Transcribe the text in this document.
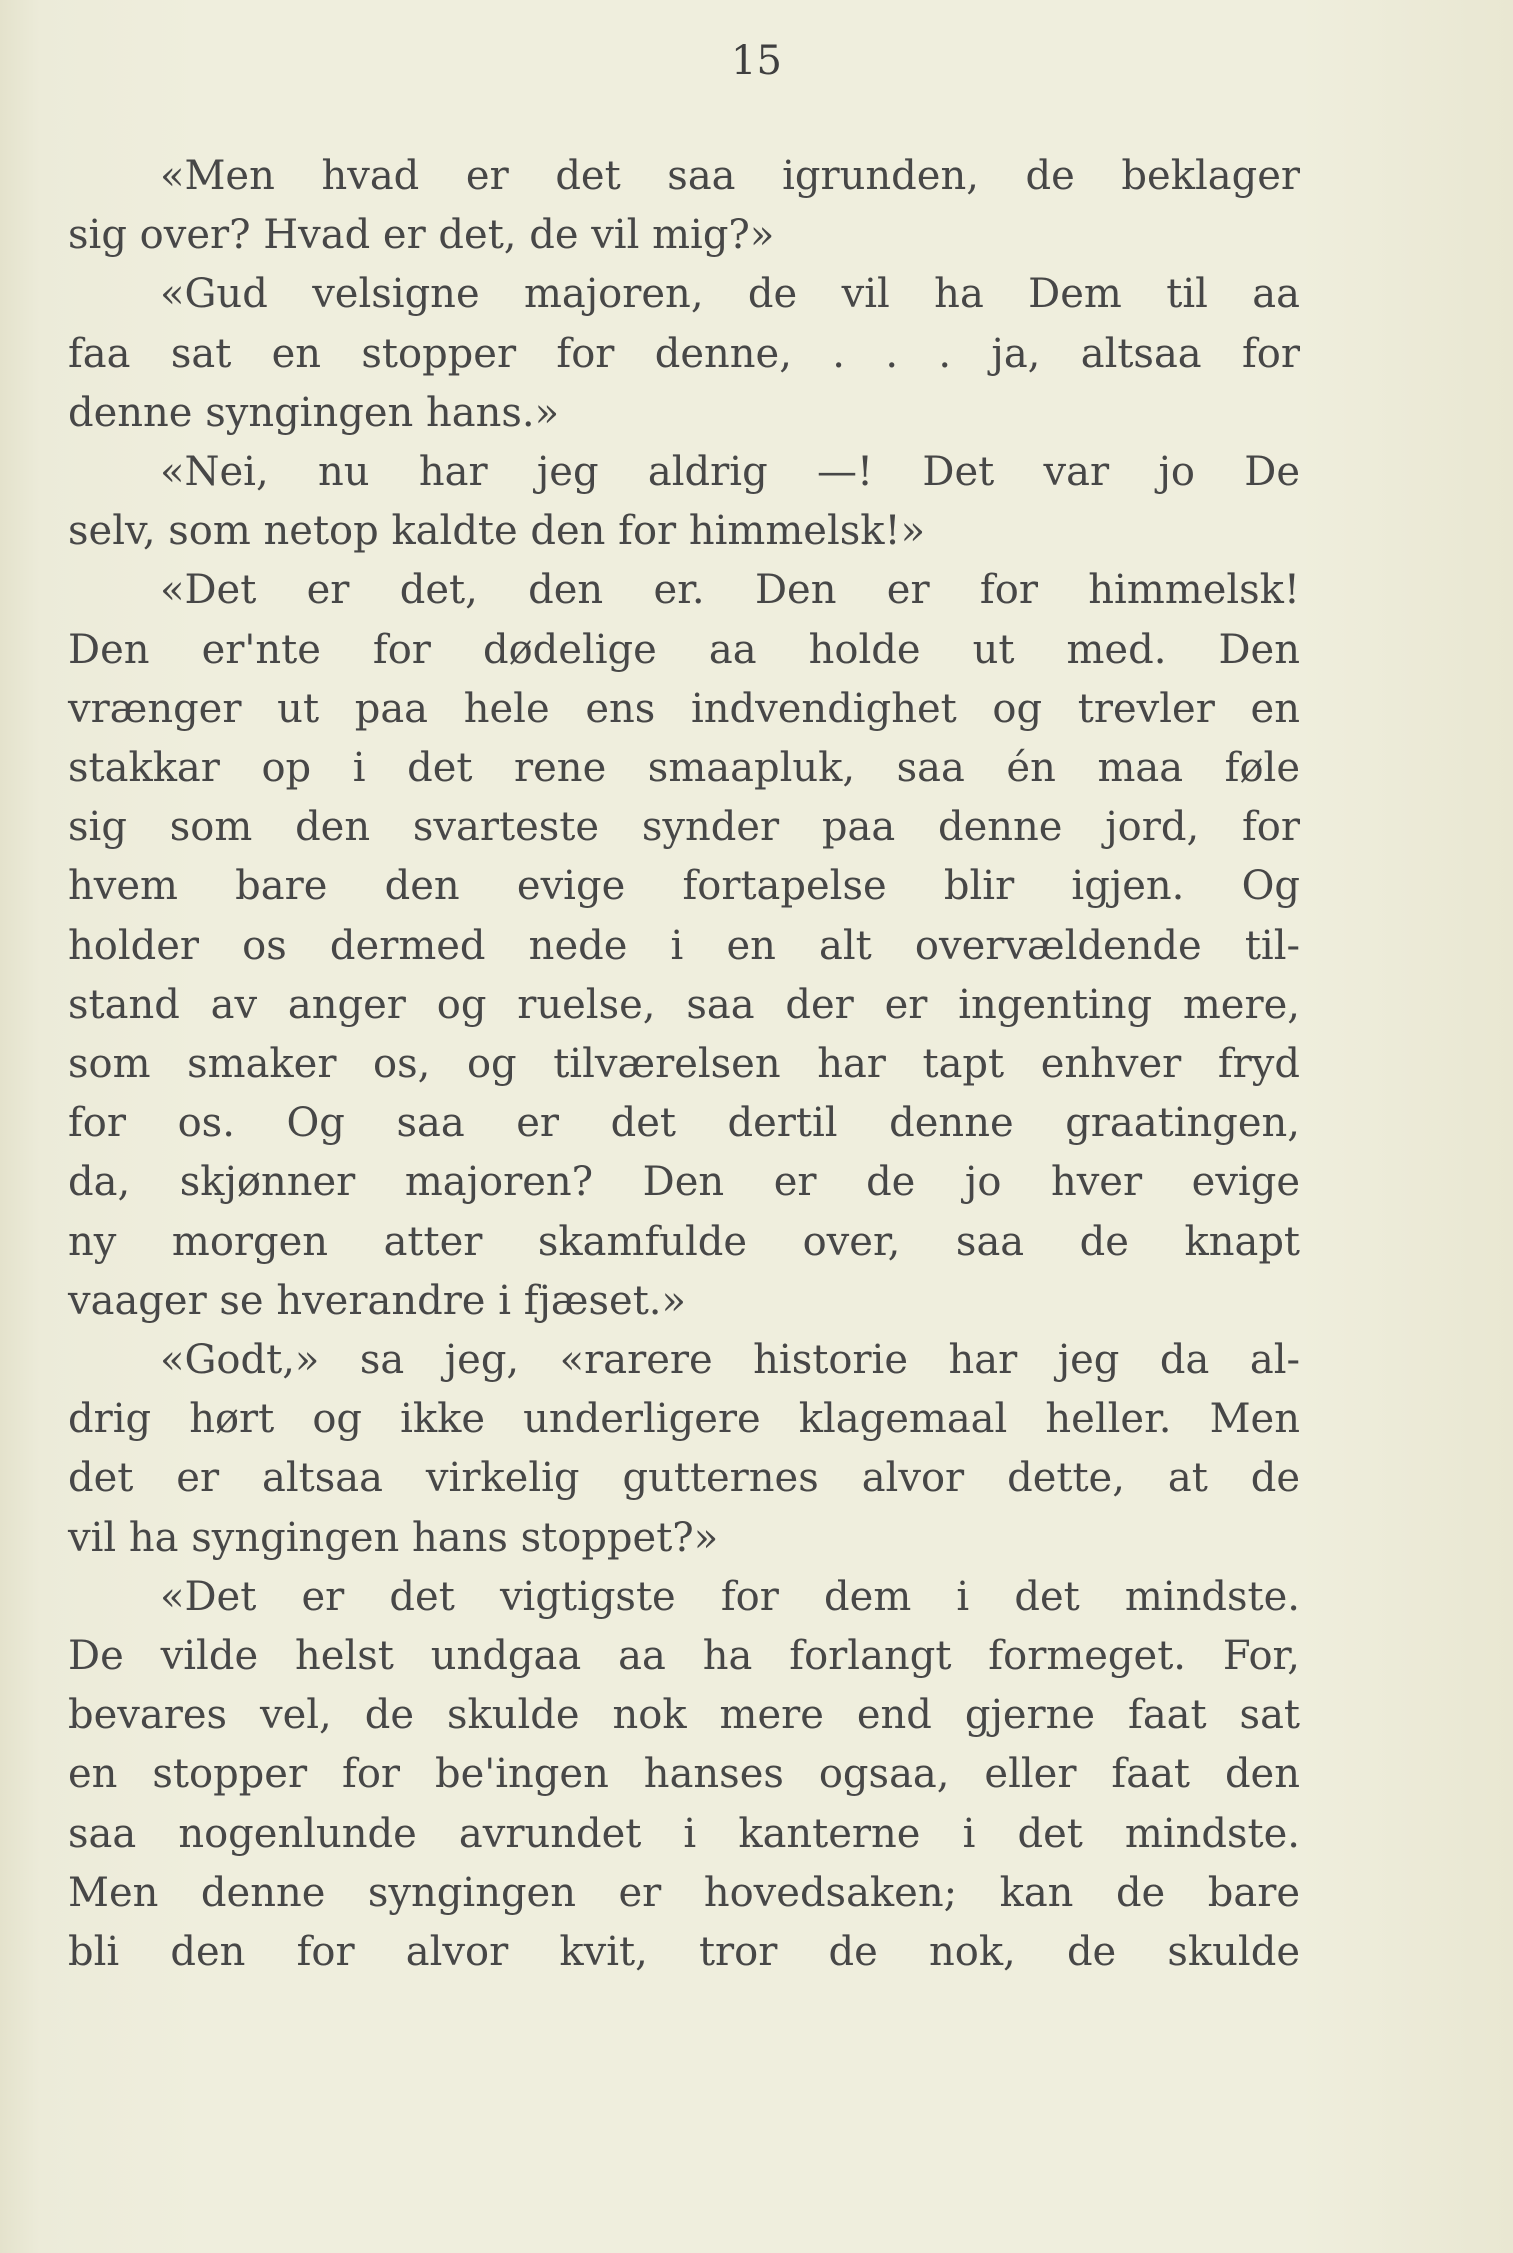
15
«Men hvad er det saa igrunden, de beklager
sig over? Hvad er det, de vil mig?»
«Gud velsigne majoren, de vil ha Dem til aa
faa sat en stopper for denne, . . . ja, altsaa for
denne syngingen hans.»
«Nei, nu har jeg aldrig —! Det var jo De
selv, som netop kaldte den for himmelsk!»
«Det er det, den er. Den er for himmelsk!
Den er'nte for dødelige aa holde ut med. Den
vrænger ut paa hele ens indvendighet og trevler en
stakkar op i det rene smaapluk, saa én maa føle
sig som den svarteste synder paa denne jord, for
hvem bare den evige fortapelse blir igjen. Og
holder os dermed nede i en alt overvældende til-
stand av anger og ruelse, saa der er ingenting mere,
som smaker os, og tilværelsen har tapt enhver fryd
for os. Og saa er det dertil denne graatingen,
da, skjønner majoren? Den er de jo hver evige
ny morgen atter skamfulde over, saa de knapt
vaager se hverandre i fjæset.»
«Godt,» sa jeg, «rarere historie har jeg da al-
drig hørt og ikke underligere klagemaal heller. Men
det er altsaa virkelig gutternes alvor dette, at de
vil ha syngingen hans stoppet?»
«Det er det vigtigste for dem i det mindste.
De vilde helst undgaa aa ha forlangt formeget. For,
bevares vel, de skulde nok mere end gjerne faat sat
en stopper for be'ingen hanses ogsaa, eller faat den
saa nogenlunde avrundet i kanterne i det mindste.
Men denne syngingen er hovedsaken; kan de bare
bli den for alvor kvit, tror de nok, de skulde
